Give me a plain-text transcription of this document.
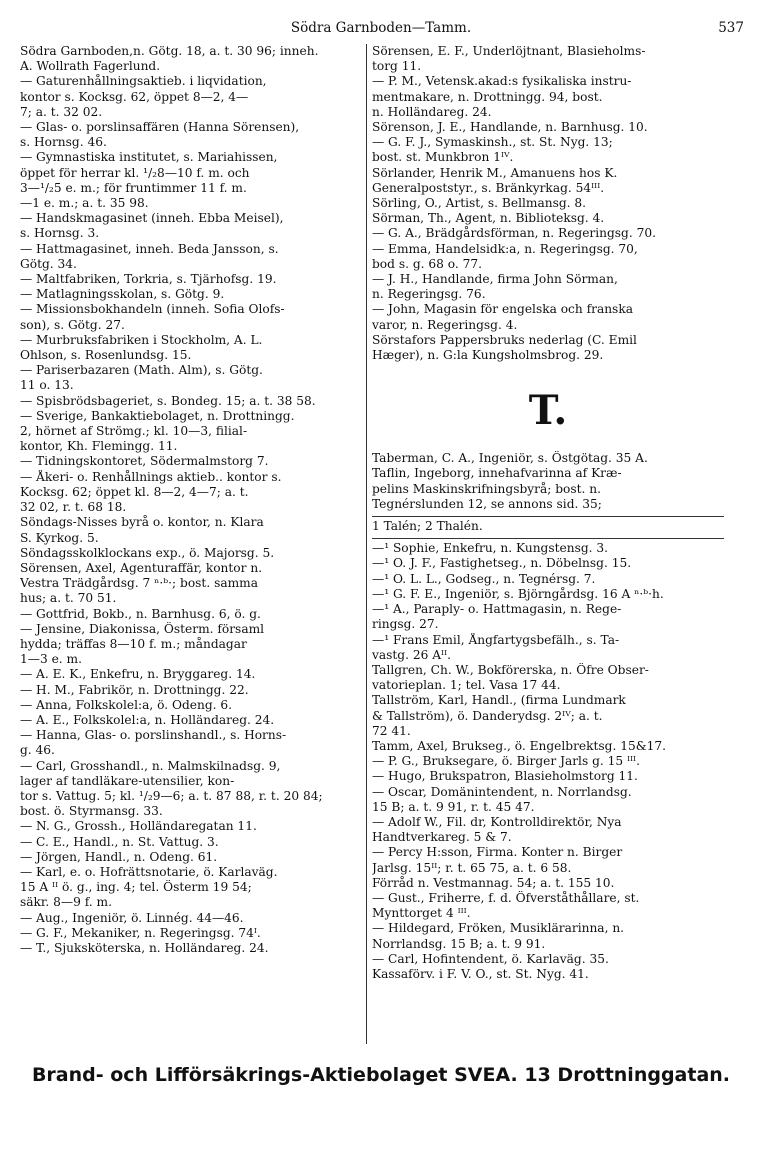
Södra Garnboden—Tamm.	537
Södra Garnboden,n. Götg. 18, a. t. 30 96; inneh.
A. Wollrath Fagerlund.
— Gaturenhållningsaktieb. i liqvidation,
kontor s. Kocksg. 62, öppet 8—2, 4—
7; a. t. 32 02.
— Glas- o. porslinsaffären (Hanna Sörensen),
s. Hornsg. 46.
— Gymnastiska institutet, s. Mariahissen,
öppet för herrar kl. ¹/₂8—10 f. m. och
3—¹/₂5 e. m.; för fruntimmer 11 f. m.
—1 e. m.; a. t. 35 98.
— Handskmagasinet (inneh. Ebba Meisel),
s. Hornsg. 3.
— Hattmagasinet, inneh. Beda Jansson, s.
Götg. 34.
— Maltfabriken, Torkria, s. Tjärhofsg. 19.
— Matlagningsskolan, s. Götg. 9.
— Missionsbokhandeln (inneh. Sofia Olofs-
son), s. Götg. 27.
— Murbruksfabriken i Stockholm, A. L.
Ohlson, s. Rosenlundsg. 15.
— Pariserbazaren (Math. Alm), s. Götg.
11 o. 13.
— Spisbrödsbageriet, s. Bondeg. 15; a. t. 38 58.
— Sverige, Bankaktiebolaget, n. Drottningg.
2, hörnet af Strömg.; kl. 10—3, filial-
kontor, Kh. Flemingg. 11.
— Tidningskontoret, Södermalmstorg 7.
— Åkeri- o. Renhållnings aktieb.. kontor s.
Kocksg. 62; öppet kl. 8—2, 4—7; a. t.
32 02, r. t. 68 18.
Söndags-Nisses byrå o. kontor, n. Klara
S. Kyrkog. 5.
Söndagsskolklockans exp., ö. Majorsg. 5.
Sörensen, Axel, Agenturaffär, kontor n.
Vestra Trädgårdsg. 7 ⁿ·ᵇ·; bost. samma
hus; a. t. 70 51.
— Gottfrid, Bokb., n. Barnhusg. 6, ö. g.
— Jensine, Diakonissa, Österm. församl
hydda; träffas 8—10 f. m.; måndagar
1—3 e. m.
— A. E. K., Enkefru, n. Bryggareg. 14.
— H. M., Fabrikör, n. Drottningg. 22.
— Anna, Folkskolel:a, ö. Odeng. 6.
— A. E., Folkskolel:a, n. Holländareg. 24.
— Hanna, Glas- o. porslinshandl., s. Horns-
g. 46.
— Carl, Grosshandl., n. Malmskilnadsg. 9,
lager af tandläkare-utensilier, kon-
tor s. Vattug. 5; kl. ¹/₂9—6; a. t. 87 88, r. t. 20 84;
bost. ö. Styrmansg. 33.
— N. G., Grossh., Holländaregatan 11.
— C. E., Handl., n. St. Vattug. 3.
— Jörgen, Handl., n. Odeng. 61.
— Karl, e. o. Hofrättsnotarie, ö. Karlaväg.
15 A ᴵᴵ ö. g., ing. 4; tel. Österm 19 54;
säkr. 8—9 f. m.
— Aug., Ingeniör, ö. Linnég. 44—46.
— G. F., Mekaniker, n. Regeringsg. 74ᴵ.
— T., Sjuksköterska, n. Holländareg. 24.
Sörensen, E. F., Underlöjtnant, Blasieholms-
torg 11.
— P. M., Vetensk.akad:s fysikaliska instru-
mentmakare, n. Drottningg. 94, bost.
n. Holländareg. 24.
Sörenson, J. E., Handlande, n. Barnhusg. 10.
— G. F. J., Symaskinsh., st. St. Nyg. 13;
bost. st. Munkbron 1ᴵⱽ.
Sörlander, Henrik M., Amanuens hos K.
Generalpoststyr., s. Bränkyrkag. 54ᴵᴵᴵ.
Sörling, O., Artist, s. Bellmansg. 8.
Sörman, Th., Agent, n. Biblioteksg. 4.
— G. A., Brädgårdsförman, n. Regeringsg. 70.
— Emma, Handelsidk:a, n. Regeringsg. 70,
bod s. g. 68 o. 77.
— J. H., Handlande, firma John Sörman,
n. Regeringsg. 76.
— John, Magasin för engelska och franska
varor, n. Regeringsg. 4.
Sörstafors Pappersbruks nederlag (C. Emil
Hæger), n. G:la Kungsholmsbrog. 29.
T.
Taberman, C. A., Ingeniör, s. Östgötag. 35 A.
Taflin, Ingeborg, innehafvarinna af Kræ-
pelins Maskinskrifningsbyrå; bost. n.
Tegnérslunden 12, se annons sid. 35;
1 Talén; 2 Thalén.
—¹ Sophie, Enkefru, n. Kungstensg. 3.
—¹ O. J. F., Fastighetseg., n. Döbelnsg. 15.
—¹ O. L. L., Godseg., n. Tegnérsg. 7.
—¹ G. F. E., Ingeniör, s. Björngårdsg. 16 A ⁿ·ᵇ·h.
—¹ A., Paraply- o. Hattmagasin, n. Rege-
ringsg. 27.
—¹ Frans Emil, Ångfartygsbefälh., s. Ta-
vastg. 26 Aᴵᴵ.
Tallgren, Ch. W., Bokförerska, n. Öfre Obser-
vatorieplan. 1; tel. Vasa 17 44.
Tallström, Karl, Handl., (firma Lundmark
& Tallström), ö. Danderydsg. 2ᴵⱽ; a. t.
72 41.
Tamm, Axel, Brukseg., ö. Engelbrektsg. 15&17.
— P. G., Bruksegare, ö. Birger Jarls g. 15 ᴵᴵᴵ.
— Hugo, Brukspatron, Blasieholmstorg 11.
— Oscar, Domänintendent, n. Norrlandsg.
15 B; a. t. 9 91, r. t. 45 47.
— Adolf W., Fil. dr, Kontrolldirektör, Nya
Handtverkareg. 5 & 7.
— Percy H:sson, Firma. Konter n. Birger
Jarlsg. 15ᴵᴵ; r. t. 65 75, a. t. 6 58.
Förråd n. Vestmannag. 54; a. t. 155 10.
— Gust., Friherre, f. d. Öfverståthållare, st.
Mynttorget 4 ᴵᴵᴵ.
— Hildegard, Fröken, Musiklärarinna, n.
Norrlandsg. 15 B; a. t. 9 91.
— Carl, Hofintendent, ö. Karlaväg. 35.
Kassaförv. i F. V. O., st. St. Nyg. 41.
Brand- och Lifförsäkrings-Aktiebolaget SVEA. 13 Drottninggatan.
